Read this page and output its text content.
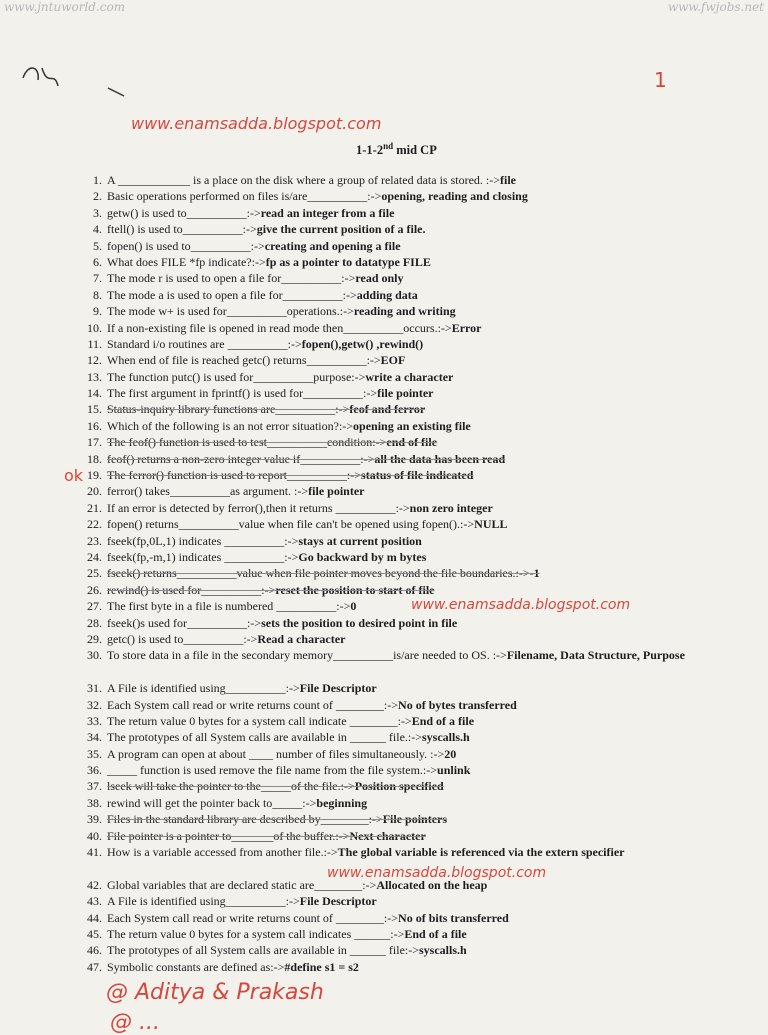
www.jntuworld.com	www.fwjobs.net
1
www.enamsadda.blogspot.com
1-1-2nd mid CP
1. A ____________ is a place on the disk where a group of related data is stored. :->file
2. Basic operations performed on files is/are__________:->opening, reading and closing
3. getw() is used to__________:->read an integer from a file
4. ftell() is used to__________:->give the current position of a file.
5. fopen() is used to__________:->creating and opening a file
6. What does FILE *fp indicate?:->fp as a pointer to datatype FILE
7. The mode r is used to open a file for__________:->read only
8. The mode a is used to open a file for__________:->adding data
9. The mode w+ is used for__________operations.:->reading and writing
10. If a non-existing file is opened in read mode then__________occurs.:->Error
11. Standard i/o routines are __________:->fopen(),getw() ,rewind()
12. When end of file is reached getc() returns__________:->EOF
13. The function putc() is used for__________purpose:->write a character
14. The first argument in fprintf() is used for__________:->file pointer
15. Status-inquiry library functions are__________:->feof and ferror
16. Which of the following is an not error situation?:->opening an existing file
17. The feof() function is used to test__________condition:->end of file
18. feof() returns a non-zero integer value if__________:->all the data has been read
19. The ferror() function is used to report__________:->status of file indicated
20. ferror() takes__________as argument. :->file pointer
21. If an error is detected by ferror(),then it returns __________:->non zero integer
22. fopen() returns__________value when file can't be opened using fopen().:->NULL
23. fseek(fp,0L,1) indicates __________:->stays at current position
24. fseek(fp,-m,1) indicates __________:->Go backward by m bytes
25. fseek() returns__________value when file pointer moves beyond the file boundaries.:->-1
26. rewind() is used for__________:->reset the position to start of file
27. The first byte in a file is numbered __________:->0
28. fseek()s used for__________:->sets the position to desired point in file
29. getc() is used to__________:->Read a character
30. To store data in a file in the secondary memory__________is/are needed to OS. :->Filename, Data Structure, Purpose
31. A File is identified using__________:->File Descriptor
32. Each System call read or write returns count of ________:->No of bytes transferred
33. The return value 0 bytes for a system call indicate ________:->End of a file
34. The prototypes of all System calls are available in ______ file.:->syscalls.h
35. A program can open at about ____ number of files simultaneously. :->20
36. _____ function is used remove the file name from the file system.:->unlink
37. lseek will take the pointer to the_____of the file.:->Position specified
38. rewind will get the pointer back to_____:->beginning
39. Files in the standard library are described by________:->File pointers
40. File pointer is a pointer to_______of the buffer.:->Next character
41. How is a variable accessed from another file.:->The global variable is referenced via the extern specifier
42. Global variables that are declared static are________:->Allocated on the heap
43. A File is identified using__________:->File Descriptor
44. Each System call read or write returns count of ________:->No of bits transferred
45. The return value 0 bytes for a system call indicates ______:->End of a file
46. The prototypes of all System calls are available in ______ file:->syscalls.h
47. Symbolic constants are defined as:->#define s1 = s2
www.enamsadda.blogspot.com
www.enamsadda.blogspot.com
@ Aditya & Prakash
@ ...
ok
